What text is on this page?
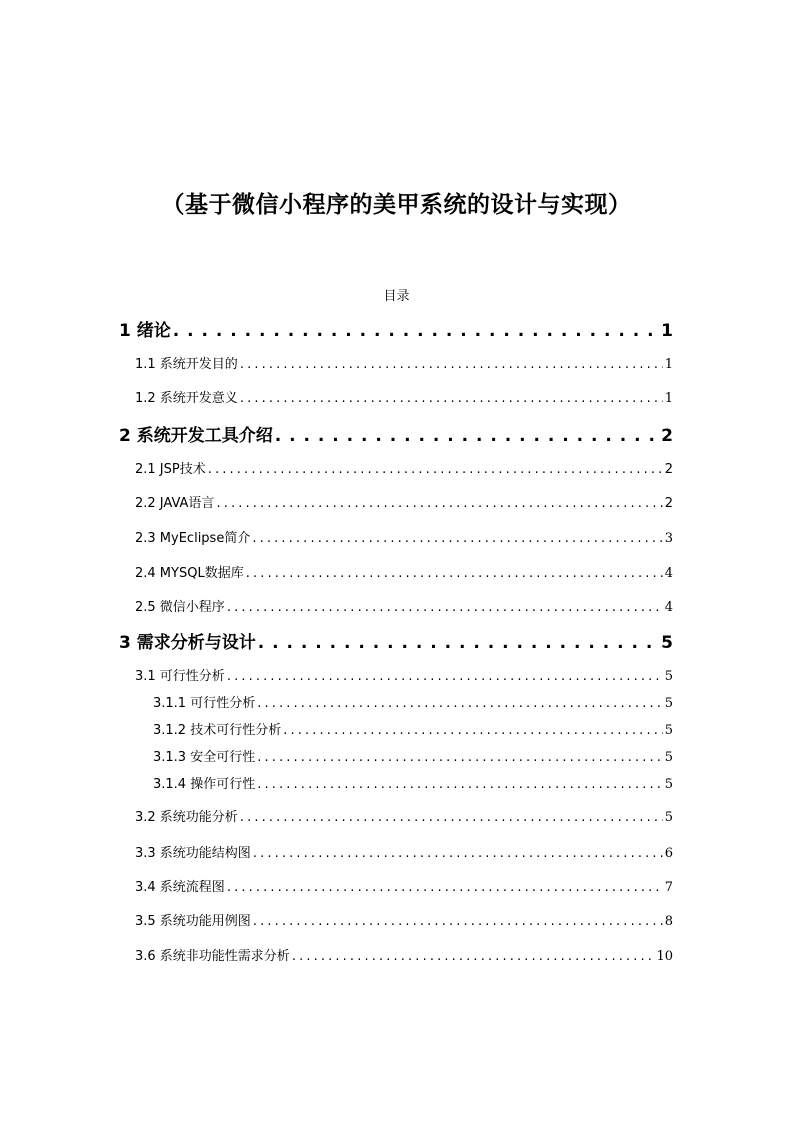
（基于微信小程序的美甲系统的设计与实现）
目录
1 绪论 . . .	1
1.1 系统开发目的 . . .	1
1.2 系统开发意义 . . .	1
2 系统开发工具介绍 . . .	2
2.1 JSP技术 . . .	2
2.2 JAVA语言 . . .	2
2.3 MyEclipse简介 . . .	3
2.4 MYSQL数据库 . . .	4
2.5 微信小程序 . . .	4
3 需求分析与设计 . . .	5
3.1 可行性分析 . . .	5
3.1.1 可行性分析 . . .	5
3.1.2 技术可行性分析 . . .	5
3.1.3 安全可行性 . . .	5
3.1.4 操作可行性 . . .	5
3.2 系统功能分析 . . .	5
3.3 系统功能结构图 . . .	6
3.4 系统流程图 . . .	7
3.5 系统功能用例图 . . .	8
3.6 系统非功能性需求分析 . . .	10
